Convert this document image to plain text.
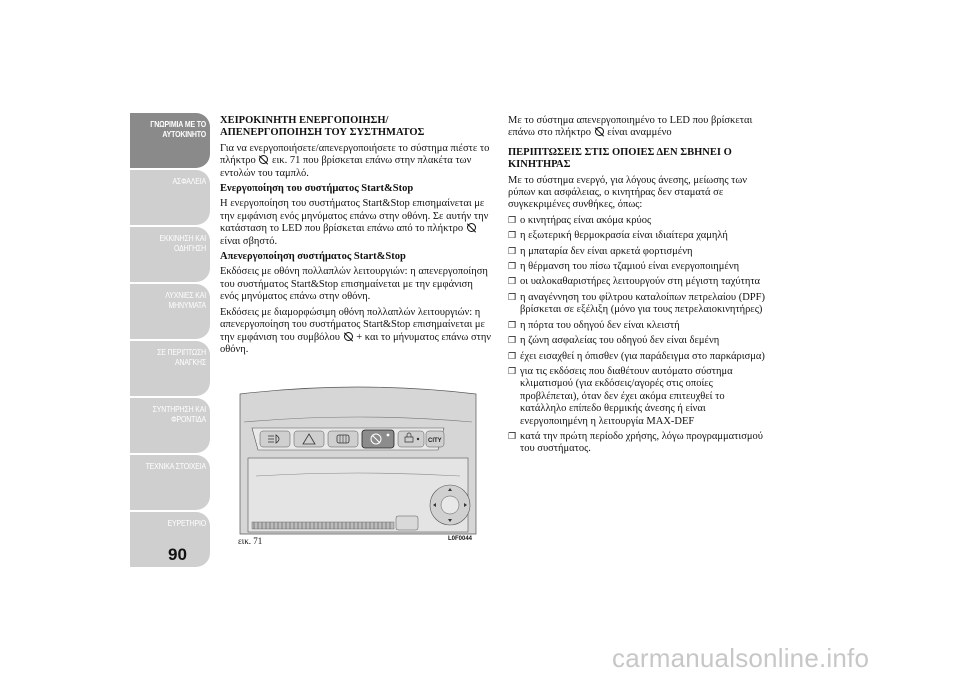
ΓΝΩΡΙΜΙΑ ΜΕ ΤΟ ΑΥΤΟΚΙΝΗΤΟ
ΑΣΦΑΛΕΙΑ
ΕΚΚΙΝΗΣΗ ΚΑΙ ΟΔΗΓΗΣΗ
ΛΥΧΝΙΕΣ ΚΑΙ ΜΗΝΥΜΑΤΑ
ΣΕ ΠΕΡΙΠΤΩΣΗ ΑΝΑΓΚΗΣ
ΣΥΝΤΗΡΗΣΗ ΚΑΙ ΦΡΟΝΤΙΔΑ
ΤΕΧΝΙΚΑ ΣΤΟΙΧΕΙΑ
ΕΥΡΕΤΗΡΙΟ
90

ΧΕΙΡΟΚΙΝΗΤΗ ΕΝΕΡΓΟΠΟΙΗΣΗ/ ΑΠΕΝΕΡΓΟΠΟΙΗΣΗ ΤΟΥ ΣΥΣΤΗΜΑΤΟΣ

Για να ενεργοποιήσετε/απενεργοποιήσετε το σύστημα πιέστε το πλήκτρο εικ. 71 που βρίσκεται επάνω στην πλακέτα των εντολών του ταμπλό.

Ενεργοποίηση του συστήματος Start&Stop

Η ενεργοποίηση του συστήματος Start&Stop επισημαίνεται με την εμφάνιση ενός μηνύματος επάνω στην οθόνη. Σε αυτήν την κατάσταση το LED που βρίσκεται επάνω από το πλήκτρο  είναι σβηστό.

Απενεργοποίηση συστήματος Start&Stop

Εκδόσεις με οθόνη πολλαπλών λειτουργιών: η απενεργοποίηση του συστήματος Start&Stop επισημαίνεται με την εμφάνιση ενός μηνύματος επάνω στην οθόνη.

Εκδόσεις με διαμορφώσιμη οθόνη πολλαπλών λειτουργιών: η απενεργοποίηση του συστήματος Start&Stop επισημαίνεται με την εμφάνιση του συμβόλου + και το μήνυματος επάνω στην οθόνη.

CITY
εικ. 71	L0F0044

Με το σύστημα απενεργοποιημένο το LED που βρίσκεται επάνω στο πλήκτρο είναι αναμμένο

ΠΕΡΙΠΤΩΣΕΙΣ ΣΤΙΣ ΟΠΟΙΕΣ ΔΕΝ ΣΒΗΝΕΙ Ο ΚΙΝΗΤΗΡΑΣ

Με το σύστημα ενεργό, για λόγους άνεσης, μείωσης των ρύπων και ασφάλειας, ο κινητήρας δεν σταματά σε συγκεκριμένες συνθήκες, όπως:

❒ ο κινητήρας είναι ακόμα κρύος
❒ η εξωτερική θερμοκρασία είναι ιδιαίτερα χαμηλή
❒ η μπαταρία δεν είναι αρκετά φορτισμένη
❒ η θέρμανση του πίσω τζαμιού είναι ενεργοποιημένη
❒ οι υαλοκαθαριστήρες λειτουργούν στη μέγιστη ταχύτητα
❒ η αναγέννηση του φίλτρου καταλοίπων πετρελαίου (DPF) βρίσκεται σε εξέλιξη (μόνο για τους πετρελαιοκινητήρες)
❒ η πόρτα του οδηγού δεν είναι κλειστή
❒ η ζώνη ασφαλείας του οδηγού δεν είναι δεμένη
❒ έχει εισαχθεί η όπισθεν (για παράδειγμα στο παρκάρισμα)
❒ για τις εκδόσεις που διαθέτουν αυτόματο σύστημα κλιματισμού (για εκδόσεις/αγορές στις οποίες προβλέπεται), όταν δεν έχει ακόμα επιτευχθεί το κατάλληλο επίπεδο θερμικής άνεσης ή είναι ενεργοποιημένη η λειτουργία MAX-DEF
❒ κατά την πρώτη περίοδο χρήσης, λόγω προγραμματισμού του συστήματος.
carmanualsonline.info
